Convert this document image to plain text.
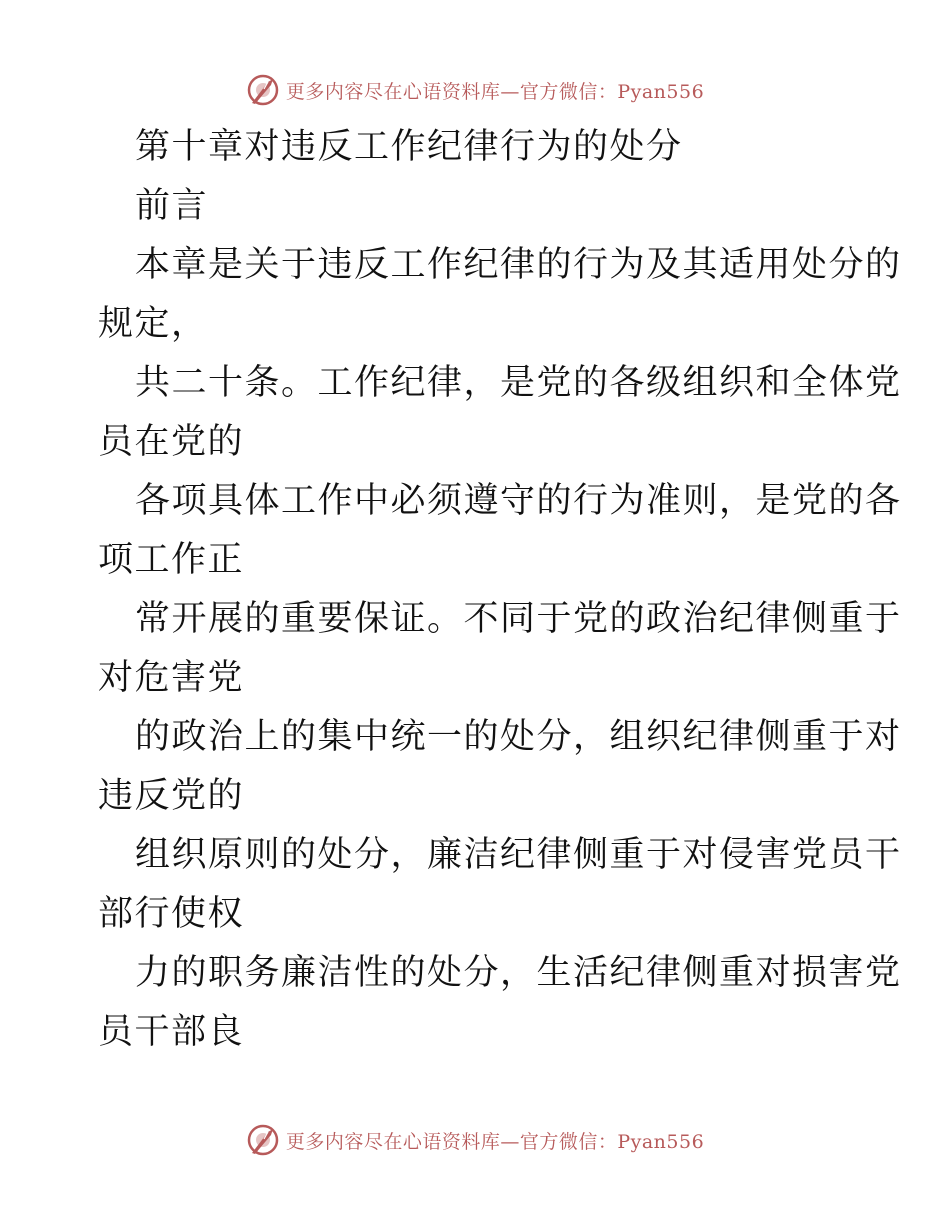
更多内容尽在心语资料库—官方微信：Pyan556
第十章对违反工作纪律行为的处分
前言
本章是关于违反工作纪律的行为及其适用处分的
规定，
共二十条。工作纪律，是党的各级组织和全体党
员在党的
各项具体工作中必须遵守的行为准则，是党的各
项工作正
常开展的重要保证。不同于党的政治纪律侧重于
对危害党
的政治上的集中统一的处分，组织纪律侧重于对
违反党的
组织原则的处分，廉洁纪律侧重于对侵害党员干
部行使权
力的职务廉洁性的处分，生活纪律侧重对损害党
员干部良
更多内容尽在心语资料库—官方微信：Pyan556
